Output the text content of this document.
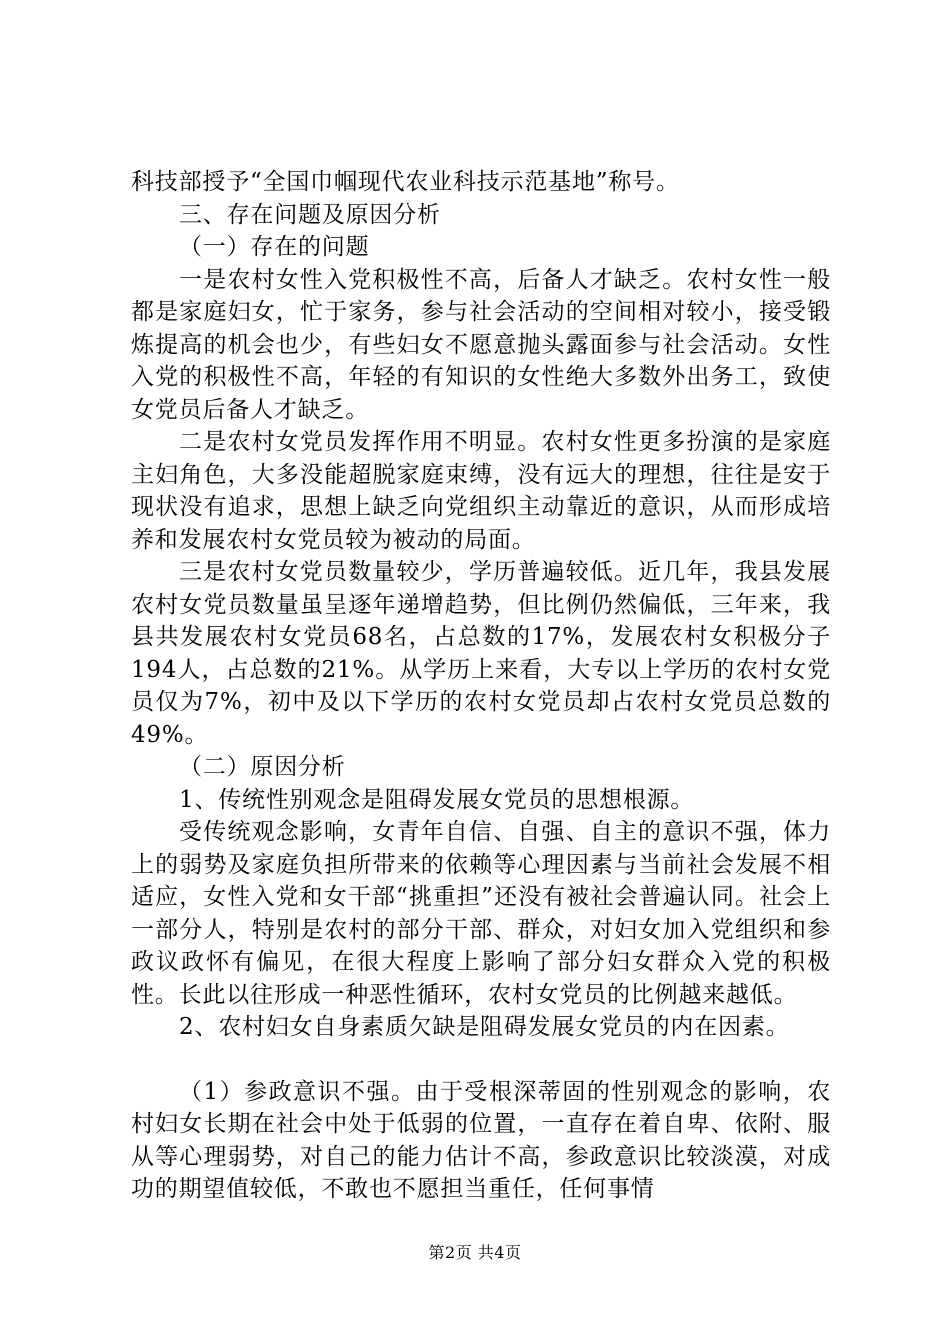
科技部授予“全国巾帼现代农业科技示范基地”称号。

三、存在问题及原因分析

（一）存在的问题

一是农村女性入党积极性不高，后备人才缺乏。农村女性一般都是家庭妇女，忙于家务，参与社会活动的空间相对较小，接受锻炼提高的机会也少，有些妇女不愿意抛头露面参与社会活动。女性入党的积极性不高，年轻的有知识的女性绝大多数外出务工，致使女党员后备人才缺乏。

二是农村女党员发挥作用不明显。农村女性更多扮演的是家庭主妇角色，大多没能超脱家庭束缚，没有远大的理想，往往是安于现状没有追求，思想上缺乏向党组织主动靠近的意识，从而形成培养和发展农村女党员较为被动的局面。

三是农村女党员数量较少，学历普遍较低。近几年，我县发展农村女党员数量虽呈逐年递增趋势，但比例仍然偏低，三年来，我县共发展农村女党员68名，占总数的17%，发展农村女积极分子194人，占总数的21%。从学历上来看，大专以上学历的农村女党员仅为7%，初中及以下学历的农村女党员却占农村女党员总数的49%。

（二）原因分析

1、传统性别观念是阻碍发展女党员的思想根源。

受传统观念影响，女青年自信、自强、自主的意识不强，体力上的弱势及家庭负担所带来的依赖等心理因素与当前社会发展不相适应，女性入党和女干部“挑重担”还没有被社会普遍认同。社会上一部分人，特别是农村的部分干部、群众，对妇女加入党组织和参政议政怀有偏见，在很大程度上影响了部分妇女群众入党的积极性。长此以往形成一种恶性循环，农村女党员的比例越来越低。

2、农村妇女自身素质欠缺是阻碍发展女党员的内在因素。

（1）参政意识不强。由于受根深蒂固的性别观念的影响，农村妇女长期在社会中处于低弱的位置，一直存在着自卑、依附、服从等心理弱势，对自己的能力估计不高，参政意识比较淡漠，对成功的期望值较低，不敢也不愿担当重任，任何事情

第2页 共4页
